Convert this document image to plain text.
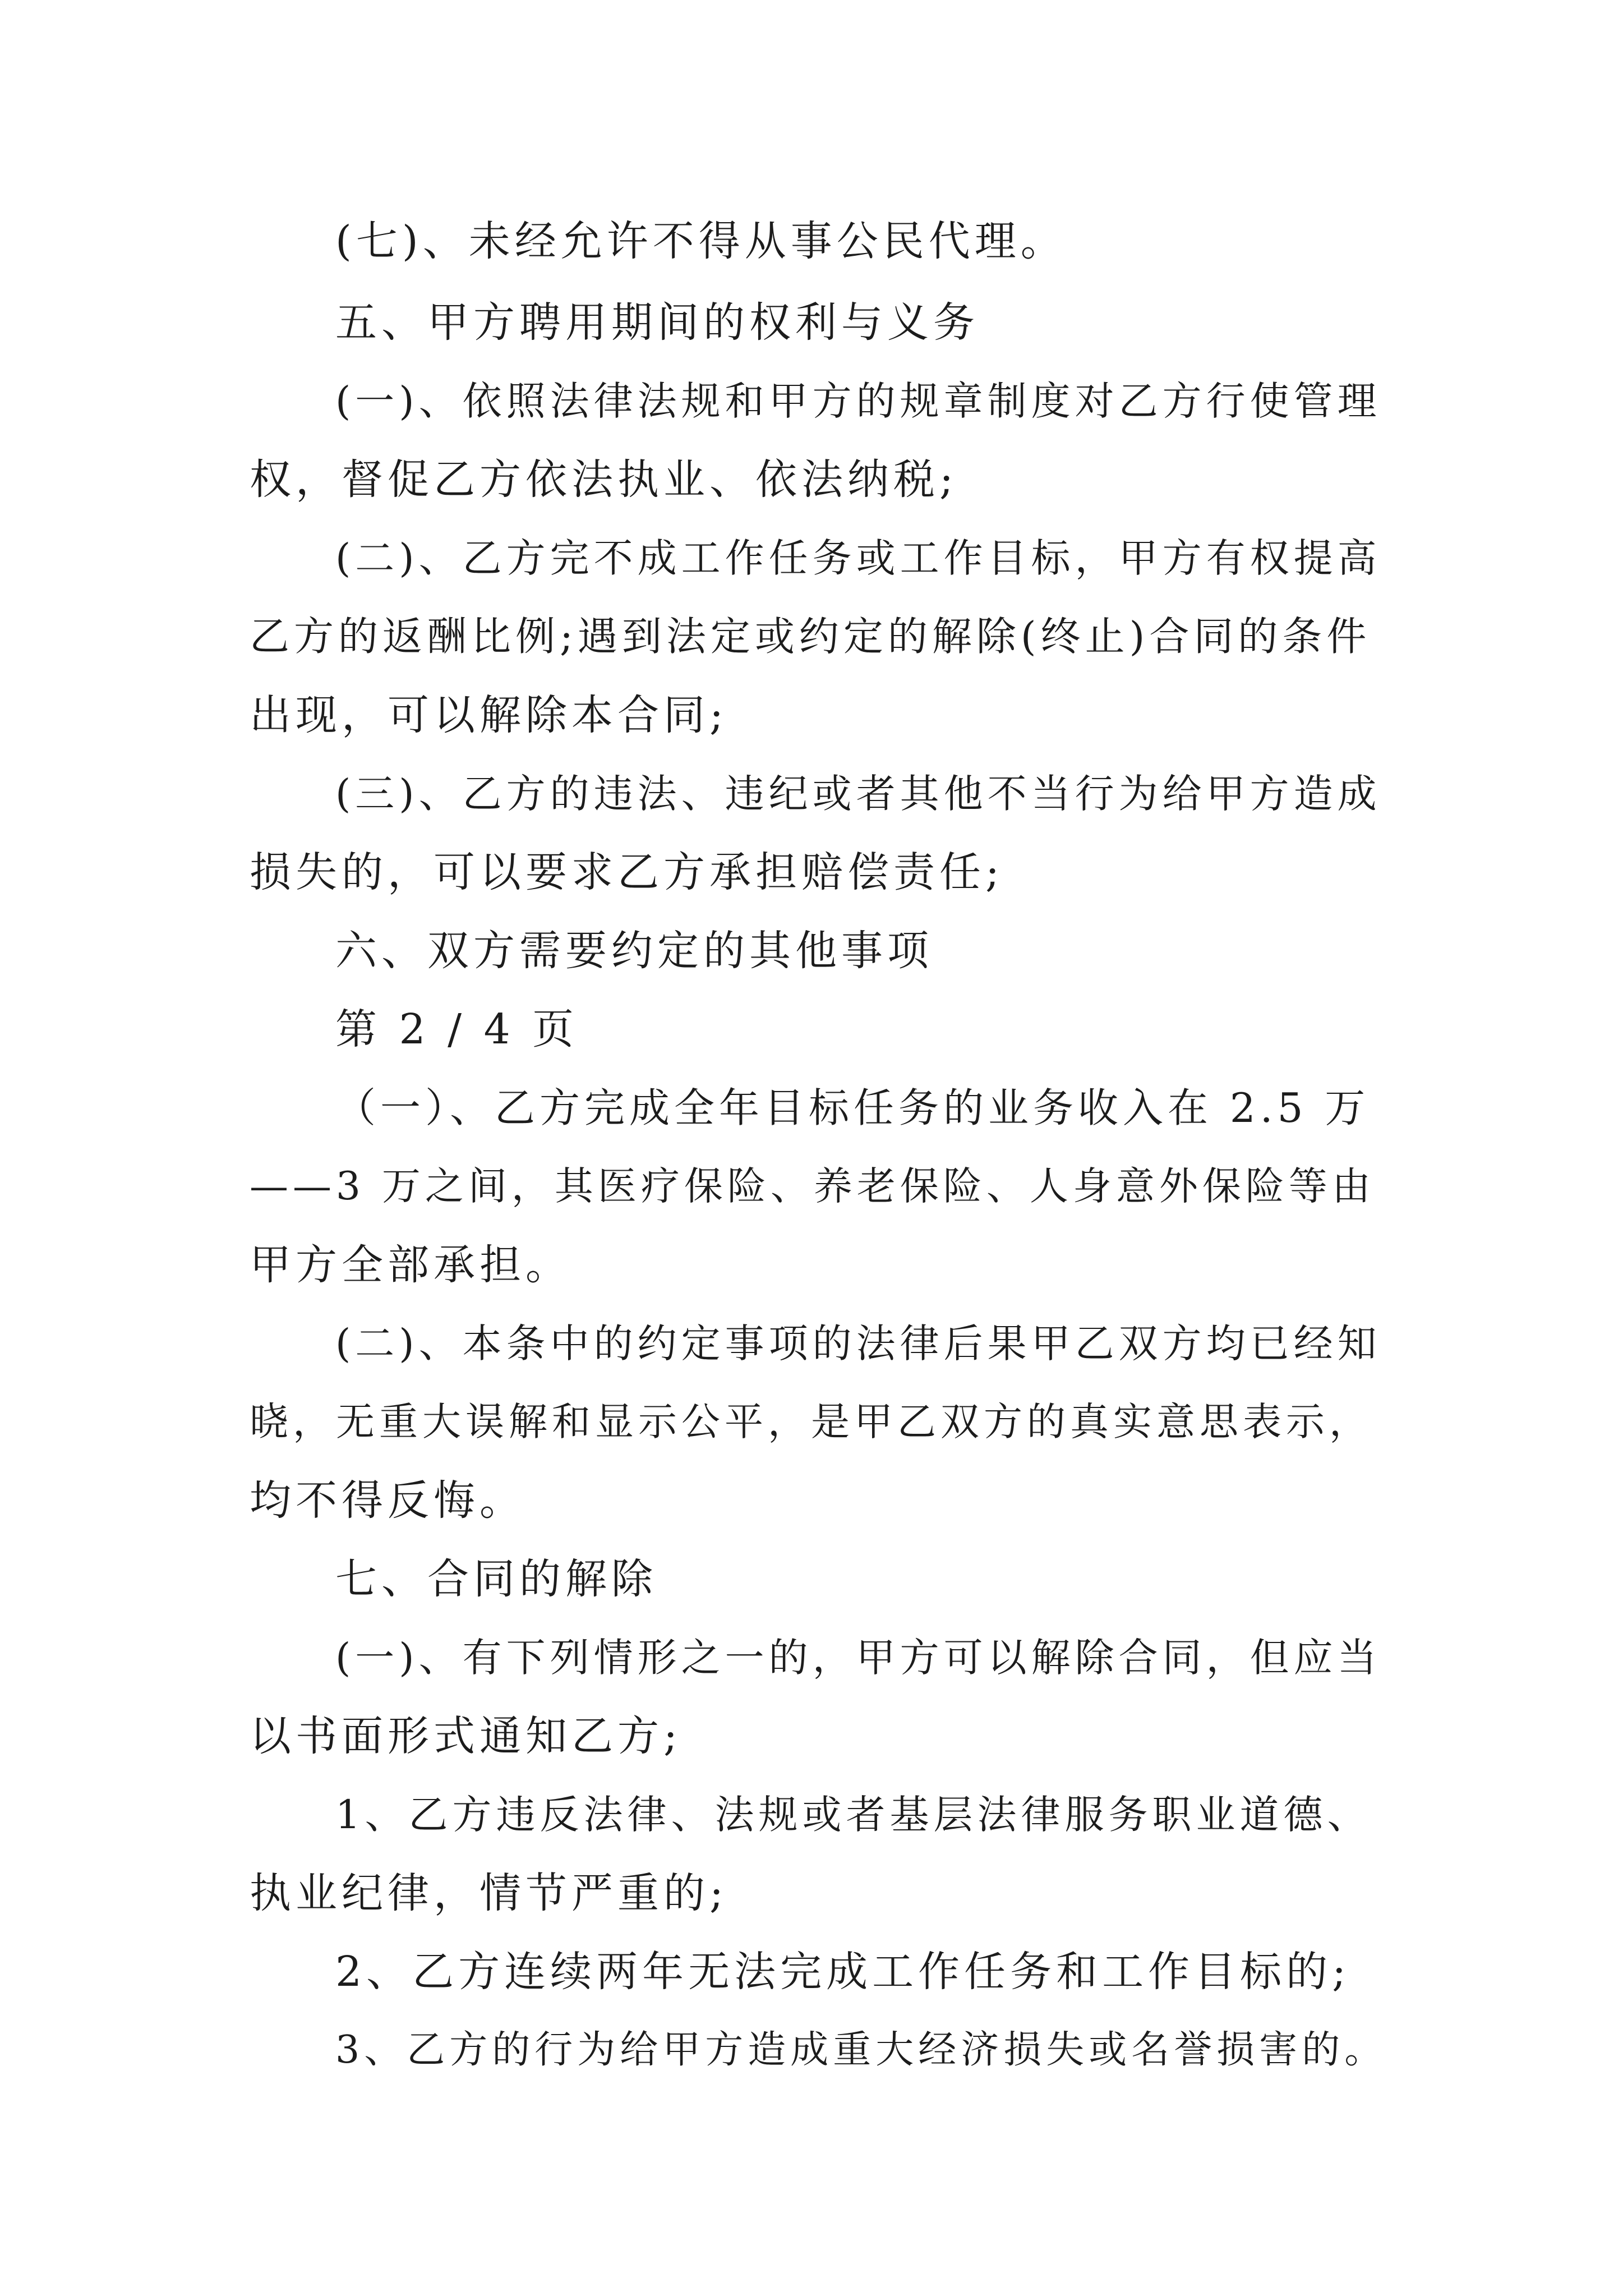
(七)、未经允许不得从事公民代理。

五、甲方聘用期间的权利与义务

(一)、依照法律法规和甲方的规章制度对乙方行使管理

权，督促乙方依法执业、依法纳税;

(二)、乙方完不成工作任务或工作目标，甲方有权提高

乙方的返酬比例;遇到法定或约定的解除(终止)合同的条件

出现，可以解除本合同;

(三)、乙方的违法、违纪或者其他不当行为给甲方造成

损失的，可以要求乙方承担赔偿责任;

六、双方需要约定的其他事项

第 2 / 4 页

（一）、乙方完成全年目标任务的业务收入在 2.5 万

——3 万之间，其医疗保险、养老保险、人身意外保险等由

甲方全部承担。

(二)、本条中的约定事项的法律后果甲乙双方均已经知

晓，无重大误解和显示公平，是甲乙双方的真实意思表示，

均不得反悔。

七、合同的解除

(一)、有下列情形之一的，甲方可以解除合同，但应当

以书面形式通知乙方;

1、乙方违反法律、法规或者基层法律服务职业道德、

执业纪律，情节严重的;

2、乙方连续两年无法完成工作任务和工作目标的;

3、乙方的行为给甲方造成重大经济损失或名誉损害的。
